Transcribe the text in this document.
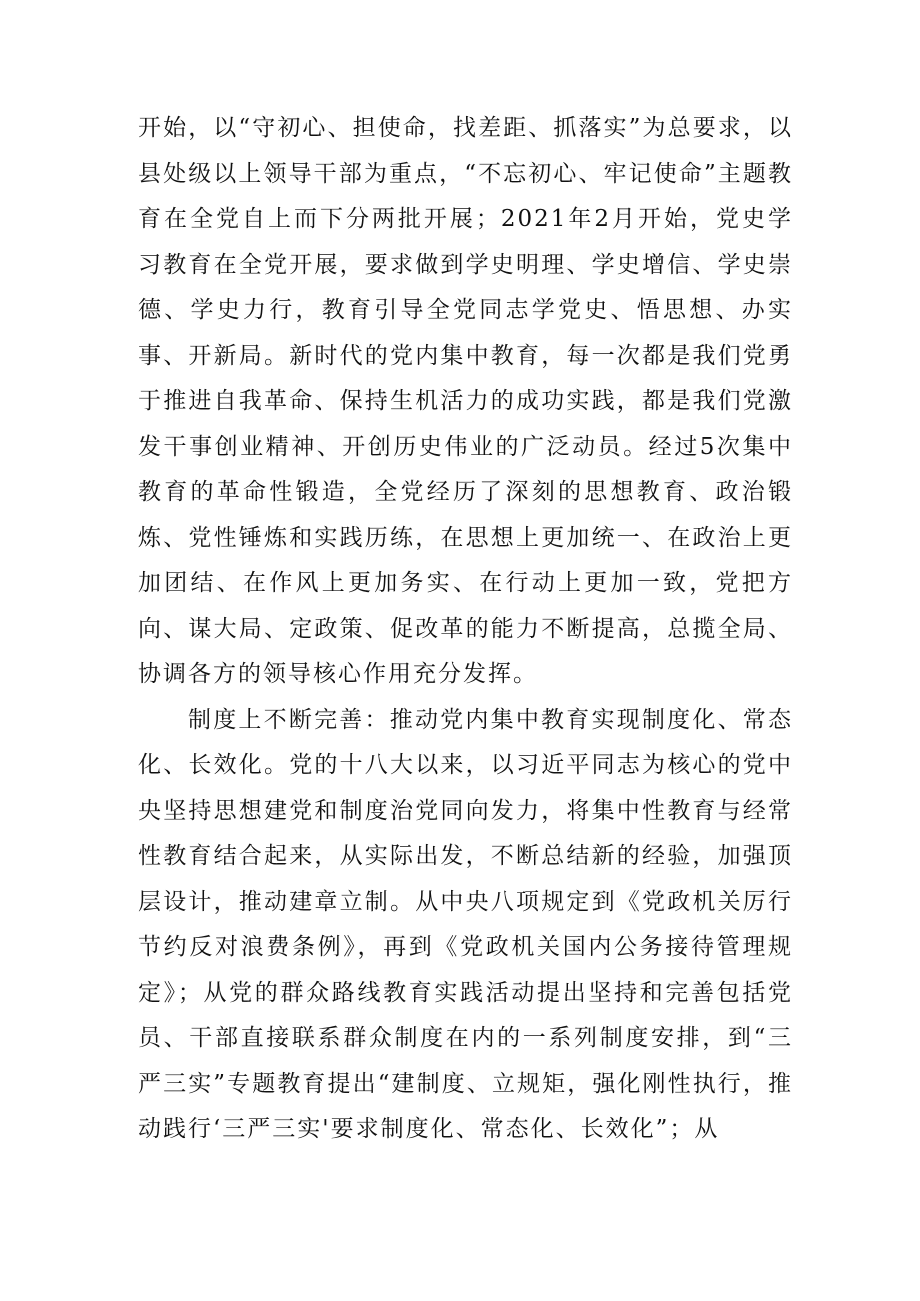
开始，以“守初心、担使命，找差距、抓落实”为总要求，以县处级以上领导干部为重点，“不忘初心、牢记使命”主题教育在全党自上而下分两批开展；2021年2月开始，党史学习教育在全党开展，要求做到学史明理、学史增信、学史崇德、学史力行，教育引导全党同志学党史、悟思想、办实事、开新局。新时代的党内集中教育，每一次都是我们党勇于推进自我革命、保持生机活力的成功实践，都是我们党激发干事创业精神、开创历史伟业的广泛动员。经过5次集中教育的革命性锻造，全党经历了深刻的思想教育、政治锻炼、党性锤炼和实践历练，在思想上更加统一、在政治上更加团结、在作风上更加务实、在行动上更加一致，党把方向、谋大局、定政策、促改革的能力不断提高，总揽全局、协调各方的领导核心作用充分发挥。

制度上不断完善：推动党内集中教育实现制度化、常态化、长效化。党的十八大以来，以习近平同志为核心的党中央坚持思想建党和制度治党同向发力，将集中性教育与经常性教育结合起来，从实际出发，不断总结新的经验，加强顶层设计，推动建章立制。从中央八项规定到《党政机关厉行节约反对浪费条例》，再到《党政机关国内公务接待管理规定》；从党的群众路线教育实践活动提出坚持和完善包括党员、干部直接联系群众制度在内的一系列制度安排，到“三严三实”专题教育提出“建制度、立规矩，强化刚性执行，推动践行‘三严三实'要求制度化、常态化、长效化”；从
